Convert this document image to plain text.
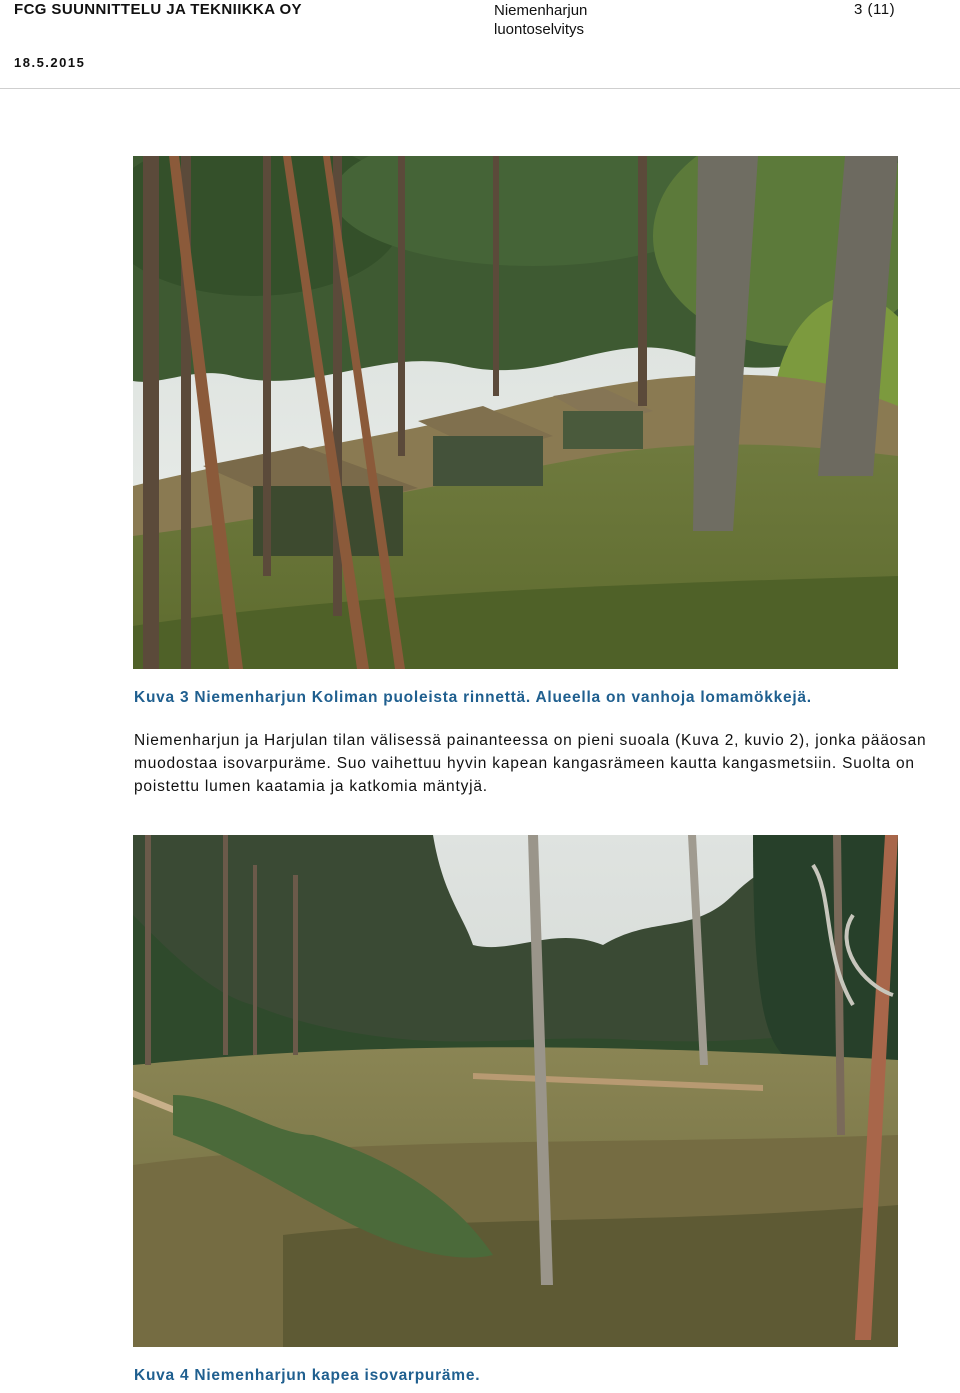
FCG SUUNNITTELU JA TEKNIIKKA OY	Niemenharjun
luontoselvitys
3 (11)
18.5.2015
Kuva 3 Niemenharjun Koliman puoleista rinnettä. Alueella on vanhoja lomamökkejä.

Niemenharjun ja Harjulan tilan välisessä painanteessa on pieni suoala (Kuva 2, kuvio 2), jonka pääosan muodostaa isovarpuräme. Suo vaihettuu hyvin kapean kangasrämeen kautta kangasmetsiin. Suolta on poistettu lumen kaatamia ja katkomia mäntyjä.

Kuva 4 Niemenharjun kapea isovarpuräme.
